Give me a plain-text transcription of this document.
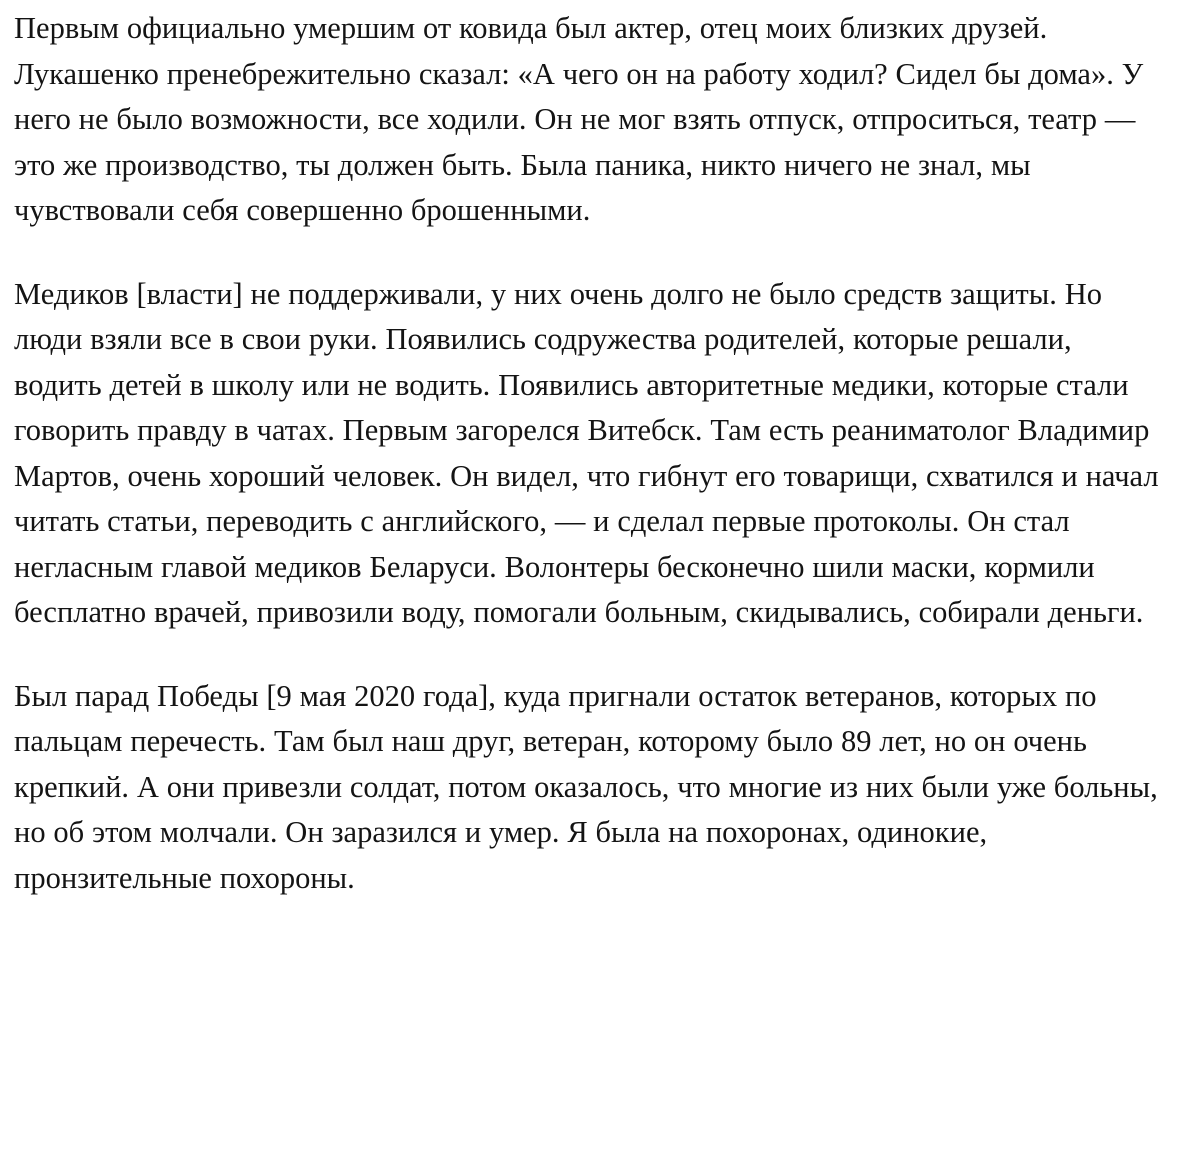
Первым официально умершим от ковида был актер, отец моих близких друзей. Лукашенко пренебрежительно сказал: «А чего он на работу ходил? Сидел бы дома». У него не было возможности, все ходили. Он не мог взять отпуск, отпроситься, театр — это же производство, ты должен быть. Была паника, никто ничего не знал, мы чувствовали себя совершенно брошенными.

Медиков [власти] не поддерживали, у них очень долго не было средств защиты. Но люди взяли все в свои руки. Появились содружества родителей, которые решали, водить детей в школу или не водить. Появились авторитетные медики, которые стали говорить правду в чатах. Первым загорелся Витебск. Там есть реаниматолог Владимир Мартов, очень хороший человек. Он видел, что гибнут его товарищи, схватился и начал читать статьи, переводить с английского, — и сделал первые протоколы. Он стал негласным главой медиков Беларуси. Волонтеры бесконечно шили маски, кормили бесплатно врачей, привозили воду, помогали больным, скидывались, собирали деньги.

Был парад Победы [9 мая 2020 года], куда пригнали остаток ветеранов, которых по пальцам перечесть. Там был наш друг, ветеран, которому было 89 лет, но он очень крепкий. А они привезли солдат, потом оказалось, что многие из них были уже больны, но об этом молчали. Он заразился и умер. Я была на похоронах, одинокие, пронзительные похороны.
